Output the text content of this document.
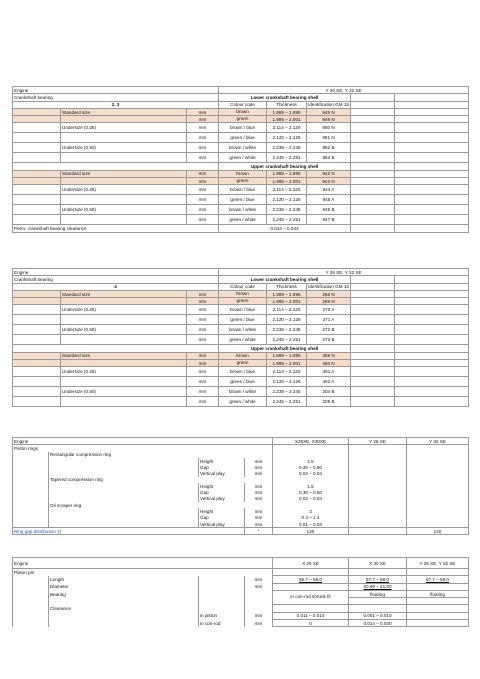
Engine			Y 26 SE, Y 32 SE				
Crankshaft bearing			Lower crankshaft bearing shell				
2, 3			Colour code	Thickness	Identification GM 15		
	Standard size	mm	brown	1.989 – 1.995	945 N		
		mm	green	1.995 – 2.001	949 N		
	Undersize (0.25)	mm	brown / blue	2.114 – 2.120	950 N		
		mm	green / blue	2.120 – 2.126	951 N		
	Undersize (0.50)	mm	brown / white	2.239 – 2.245	952 B		
		mm	green / white	2.245 – 2.251	953 B		
			Upper crankshaft bearing shell				
	Standard size	mm	brown	1.989 – 1.995	942 N		
		mm	green	1.995 – 2.001	943 N		
	Undersize (0.25)	mm	brown / blue	2.114 – 2.120	944 A		
		mm	green / blue	2.120 – 2.126	945 A		
	Undersize (0.50)	mm	brown / white	2.239 – 2.245	946 B		
		mm	green / white	2.245 – 2.251	947 B		
Perm. crankshaft bearing clearance			0.014 – 0.043				
Engine			Y 26 SE, Y 32 SE				
Crankshaft bearing			Lower crankshaft bearing shell				
4			Colour code	Thickness	Identification GM 15		
	Standard size	mm	brown	1.989 – 1.995	265 N		
		mm	green	1.995 – 2.001	269 N		
	Undersize (0.25)	mm	brown / blue	2.114 – 2.120	270 A		
		mm	green / blue	2.120 – 2.126	271 A		
	Undersize (0.50)	mm	brown / white	2.239 – 2.245	272 B		
		mm	green / white	2.245 – 2.251	273 B		
			Upper crankshaft bearing shell				
	Standard size	mm	brown	1.989 – 1.995	459 N		
		mm	green	1.995 – 2.001	460 N		
	Undersize (0.25)	mm	brown / blue	2.114 – 2.120	461 A		
		mm	green / blue	2.120 – 2.126	462 A		
	Undersize (0.50)	mm	brown / white	2.239 – 2.245	204 B		
		mm	green / white	2.245 – 2.251	205 B		
Engine				X25XE, X30XE	Y 26 SE	Y 32 SE
Piston rings						
	Rectangular compression ring					
		Height	mm	1.5		
		Gap	mm	0.30 – 0.50		
		Vertical play	mm	0.02 – 0.04		
	Tapered compression ring					
		Height	mm	1.5		
		Gap	mm	0.30 – 0.50		
		Vertical play	mm	0.02 – 0.04		
	Oil scraper ring					
		Height	mm	3		
		Gap	mm	0.4 – 1.4		
		Vertical play	mm	0.01 – 0.03		
Ring gap distribution 2)			°	120		120
Engine				X 25 XE	X 30 XE	Y 26 SE, Y 32 SE
Piston pin						
	Length		mm	55.7 – 56.0	57.7 – 58.0	57.7 – 58.0
	Diameter		mm		20.99 – 21.00	
	Bearing			in con-rod shrunk fit	floating	floating

	Clearance					
		in piston	mm	0.011 – 0.014	0.001 – 0.010	
		in con-rod	mm	0	0.014 – 0.030	
